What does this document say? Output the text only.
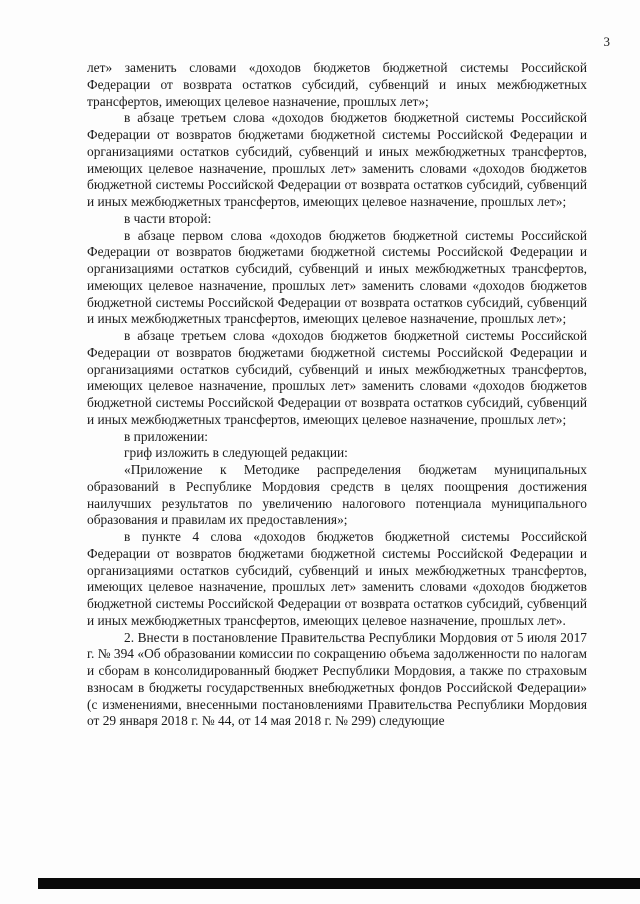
3

лет» заменить словами «доходов бюджетов бюджетной системы Российской Федерации от возврата остатков субсидий, субвенций и иных межбюджетных трансфертов, имеющих целевое назначение, прошлых лет»;

в абзаце третьем слова «доходов бюджетов бюджетной системы Российской Федерации от возвратов бюджетами бюджетной системы Российской Федерации и организациями остатков субсидий, субвенций и иных межбюджетных трансфертов, имеющих целевое назначение, прошлых лет» заменить словами «доходов бюджетов бюджетной системы Российской Федерации от возврата остатков субсидий, субвенций и иных межбюджетных трансфертов, имеющих целевое назначение, прошлых лет»;

в части второй:

в абзаце первом слова «доходов бюджетов бюджетной системы Российской Федерации от возвратов бюджетами бюджетной системы Российской Федерации и организациями остатков субсидий, субвенций и иных межбюджетных трансфертов, имеющих целевое назначение, прошлых лет» заменить словами «доходов бюджетов бюджетной системы Российской Федерации от возврата остатков субсидий, субвенций и иных межбюджетных трансфертов, имеющих целевое назначение, прошлых лет»;

в абзаце третьем слова «доходов бюджетов бюджетной системы Российской Федерации от возвратов бюджетами бюджетной системы Российской Федерации и организациями остатков субсидий, субвенций и иных межбюджетных трансфертов, имеющих целевое назначение, прошлых лет» заменить словами «доходов бюджетов бюджетной системы Российской Федерации от возврата остатков субсидий, субвенций и иных межбюджетных трансфертов, имеющих целевое назначение, прошлых лет»;

в приложении:

гриф изложить в следующей редакции:

«Приложение к Методике распределения бюджетам муниципальных образований в Республике Мордовия средств в целях поощрения достижения наилучших результатов по увеличению налогового потенциала муниципального образования и правилам их предоставления»;

в пункте 4 слова «доходов бюджетов бюджетной системы Российской Федерации от возвратов бюджетами бюджетной системы Российской Федерации и организациями остатков субсидий, субвенций и иных межбюджетных трансфертов, имеющих целевое назначение, прошлых лет» заменить словами «доходов бюджетов бюджетной системы Российской Федерации от возврата остатков субсидий, субвенций и иных межбюджетных трансфертов, имеющих целевое назначение, прошлых лет».

2. Внести в постановление Правительства Республики Мордовия от 5 июля 2017 г. № 394 «Об образовании комиссии по сокращению объема задолженности по налогам и сборам в консолидированный бюджет Республики Мордовия, а также по страховым взносам в бюджеты государственных внебюджетных фондов Российской Федерации» (с изменениями, внесенными постановлениями Правительства Республики Мордовия от 29 января 2018 г. № 44, от 14 мая 2018 г. № 299) следующие
